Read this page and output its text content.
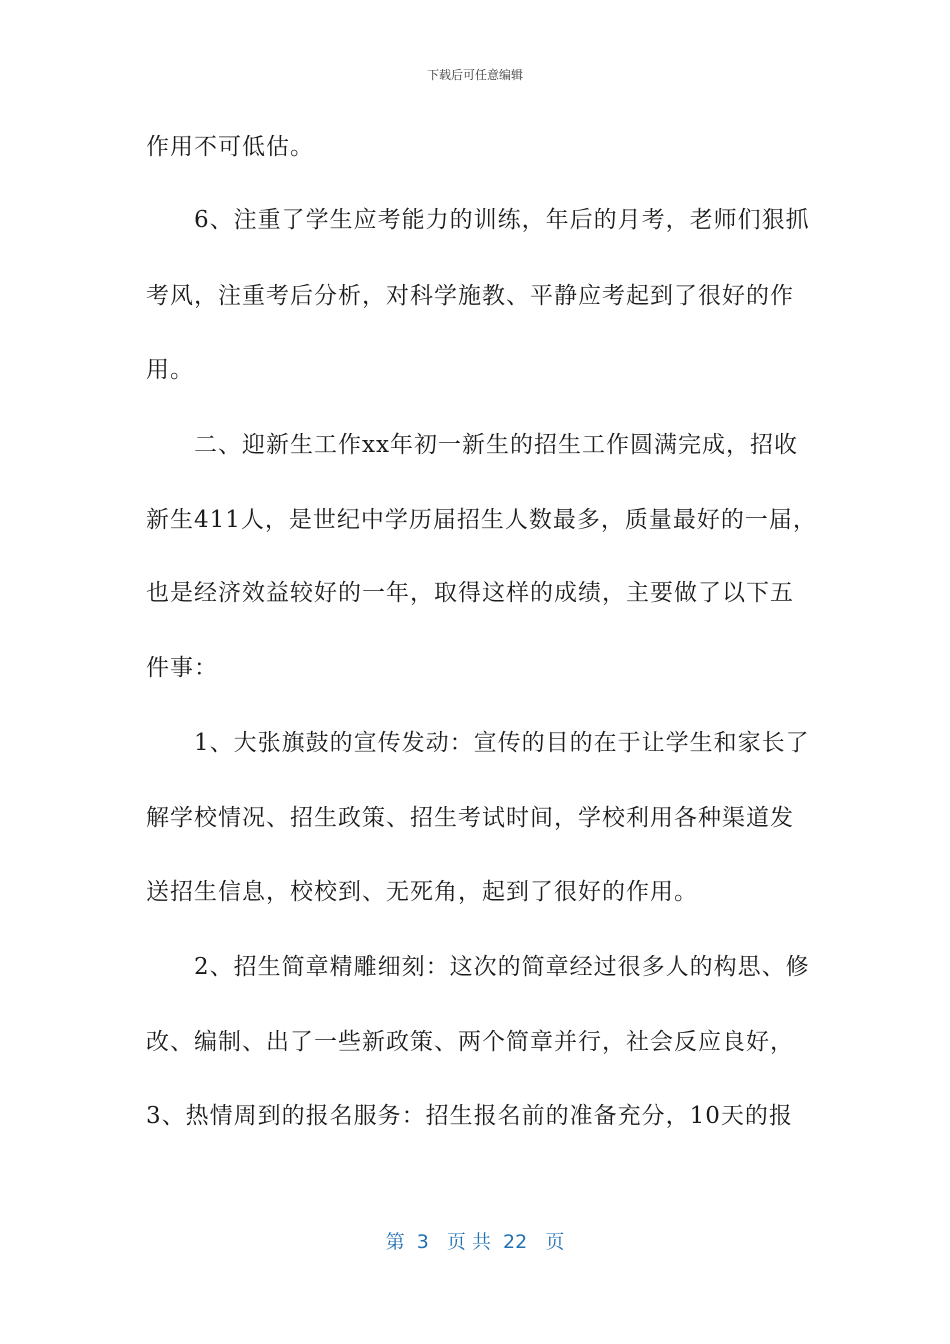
下载后可任意编辑
作用不可低估。
　　6、注重了学生应考能力的训练，年后的月考，老师们狠抓
考风，注重考后分析，对科学施教、平静应考起到了很好的作
用。
　　二、迎新生工作xx年初一新生的招生工作圆满完成，招收
新生411人，是世纪中学历届招生人数最多，质量最好的一届，
也是经济效益较好的一年，取得这样的成绩，主要做了以下五
件事：
　　1、大张旗鼓的宣传发动：宣传的目的在于让学生和家长了
解学校情况、招生政策、招生考试时间，学校利用各种渠道发
送招生信息，校校到、无死角，起到了很好的作用。
　　2、招生简章精雕细刻：这次的简章经过很多人的构思、修
改、编制、出了一些新政策、两个简章并行，社会反应良好，
3、热情周到的报名服务：招生报名前的准备充分，10天的报
第  3   页 共  22   页
